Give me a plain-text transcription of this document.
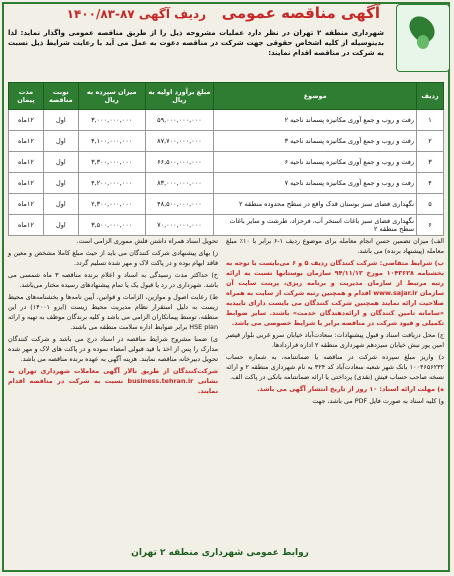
آگهی مناقصه عمومی   ردیف آگهی ۸۷-۱۴۰۰/۸۳
شهرداری منطقه ۲ تهران در نظر دارد عملیات مشروحه ذیل را از طریق مناقصه عمومی واگذار نماید: لذا بدینوسیله از کلیه اشخاص حقوقی جهت شرکت در مناقصه دعوت به عمل می آید با رعایت شرایط ذیل نسبت به شرکت در مناقصه اقدام نمایند:
ردیف	موضوع	مبلغ برآورد اولیه به ریال	میزان سپرده به ریال	نوبت مناقصه	مدت پیمان
۱	رفت و روب و جمع آوری مکانیزه پسماند ناحیه ۲	۵۹,۰۰۰,۰۰۰,۰۰۰	۳,۰۰۰,۰۰۰,۰۰۰	اول	۱۲ماه
۲	رفت و روب و جمع آوری مکانیزه پسماند ناحیه ۳	۸۷,۷۰۰,۰۰۰,۰۰۰	۴,۱۰۰,۰۰۰,۰۰۰	اول	۱۲ماه
۳	رفت و روب و جمع آوری مکانیزه پسماند ناحیه ۶	۶۶,۵۰۰,۰۰۰,۰۰۰	۳,۳۰۰,۰۰۰,۰۰۰	اول	۱۲ماه
۴	رفت و روب و جمع آوری مکانیزه پسماند ناحیه ۷	۸۳,۰۰۰,۰۰۰,۰۰۰	۴,۲۰۰,۰۰۰,۰۰۰	اول	۱۲ماه
۵	نگهداری فضای سبز بوستان قدک واقع در سطح محدوده منطقه ۲	۴۸,۵۰۰,۰۰۰,۰۰۰	۲,۳۰۰,۰۰۰,۰۰۰	اول	۱۲ماه
۶	نگهداری فضای سبز باغات استخر آب، فرحزاد، طرشت و سایر باغات سطح منطقه ۲	۷۰,۰۰۰,۰۰۰,۰۰۰	۳,۵۰۰,۰۰۰,۰۰۰	اول	۱۲ماه

الف) میزان تضمین حسن انجام معامله برای موضوع ردیف ۱-۶ برابر با ۱۰٪ مبلغ معامله (پیشنهاد برنده) می باشد.

ب) شرایط متقاضی: شرکت کنندگان ردیف ۵ و ۶ می‌بایست با توجه به بخشنامه ۱۰۴۳۶۲۸ مورخ ۹۴/۱۱/۱۳ سازمان بوستانها نسبت به ارائه رتبه مرتبط از سازمان مدیریت و برنامه ریزی، پرینت سایت آن سازمان www.sajar.ir اقدام و همچنین رتبه شرکت از سایت به همراه صلاحیت ارائه نمایند همچنین شرکت کنندگان می بایست دارای تاییدیه «سامانه تامین کنندگان و ارائه‌دهندگان خدمت» باشند. سایر ضوابط تکمیلی و قیود شرکت در مناقصه برابر با شرایط خصوصی می باشد.

ج) محل دریافت اسناد و قبول پیشنهادات: سعادت‌آباد خیابان سرو غربی بلوار قیصر امین پور نبش خیابان سیزدهم شهرداری منطقه ۲ اداره قراردادها.

د) واریز مبلغ سپرده شرکت در مناقصه یا ضمانتنامه، به شماره حساب ۱۰۰۴۶۵۶۲۳۲ بانک شهر شعبه سعادت‌آباد کد ۳۲۴ به نام شهرداری منطقه ۲ و ارائه نسخه صاحب حساب فیش (نقدی) پرداختی یا ارائه ضمانتنامه بانکی در پاکت الف.

ه) مهلت ارائه اسناد: ۱۰ روز از تاریخ انتشار آگهی می باشد.

و) کلیه اسناد به صورت فایل PDF می باشد، جهت

تحویل اسناد همراه داشتن فلش مموری الزامی است.

ز) بهای پیشنهادی شرکت کنندگان می باید از حیث مبلغ کاملا مشخص و معین و فاقد ابهام بوده و در پاکت لاک و مهر شده تسلیم گردد.

ح) حداکثر مدت رسیدگی به اسناد و اعلام برنده مناقصه ۳ ماه شمسی می باشد. شهرداری در رد یا قبول یک یا تمام پیشنهادهای رسیده مختار می‌باشد.

ط) رعایت اصول و موازین، الزامات و قوانین، آیین نامه‌ها و بخشنامه‌های محیط زیست به دلیل استقرار نظام مدیریت محیط زیست (ایزو ۱۴۰۰۱) در این منطقه، توسط پیمانکاران الزامی می باشد و کلیه برندگان موظف به تهیه و ارائه HSE plan برابر ضوابط اداره سلامت منطقه می باشند.

ی) ضمنا مشروح شرایط مناقصه در اسناد درج می باشد و شرکت کنندگان مدارک را پس از اخذ با قید قبولی امضاء نموده و در پاکت های لاک و مهر شده تحویل دبیرخانه مناقصه نمایند. هزینه آگهی به عهده برنده مناقصه می باشد.

شرکت‌کنندگان از طریق تالار آگهی معاملات شهرداری تهران به نشانی business.tehran.ir نسبت به شرکت در مناقصه اقدام نمایند.

روابط عمومی شهرداری منطقه ۲ تهران
